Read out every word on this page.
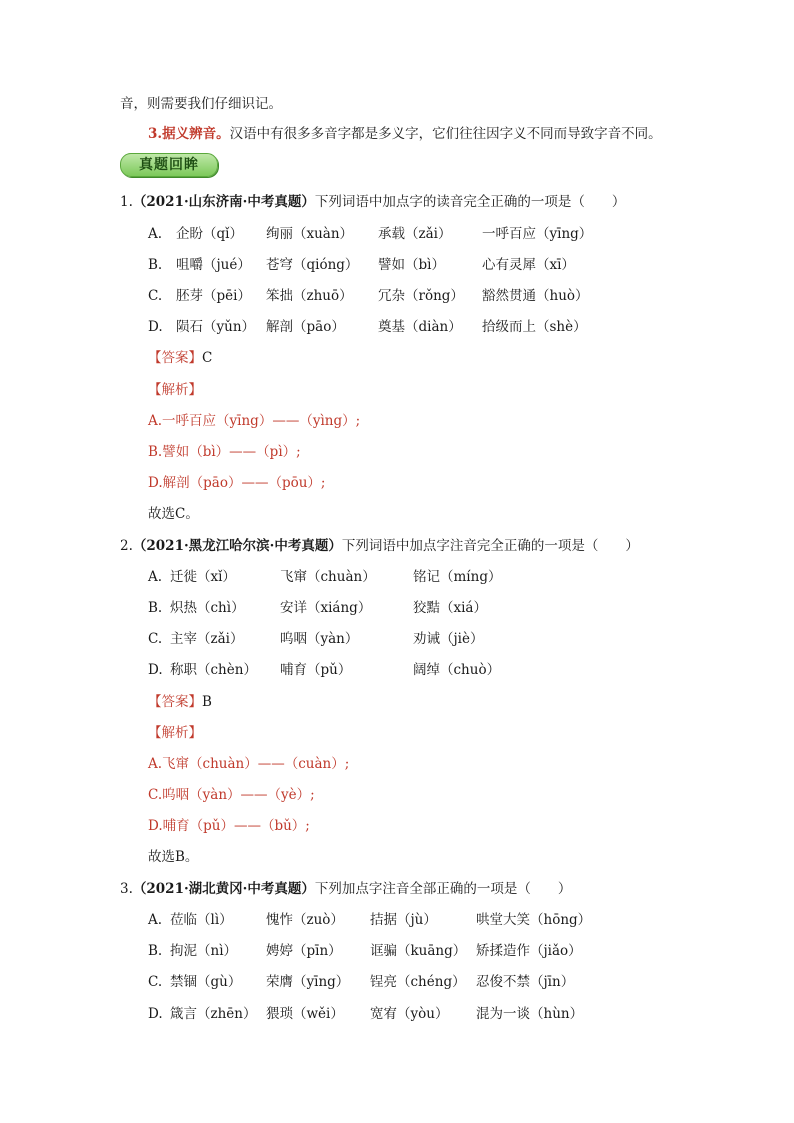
音，则需要我们仔细识记。
3.据义辨音。汉语中有很多多音字都是多义字，它们往往因字义不同而导致字音不同。
真题回眸
1.（2021·山东济南·中考真题）下列词语中加点字的读音完全正确的一项是（　　）
A. 企盼（qǐ） 绚丽（xuàn） 承载（zǎi） 一呼百应（yīng）
B. 咀嚼（jué） 苍穹（qióng） 譬如（bì）	心有灵犀（xī）
C. 胚芽（pēi） 笨拙（zhuō） 冗杂（rǒng） 豁然贯通（huò）
D. 陨石（yǔn） 解剖（pāo） 奠基（diàn） 拾级而上（shè）
【答案】C
【解析】
A.一呼百应（yīng）——（yìng）;
B.譬如（bì）——（pì）;
D.解剖（pāo）——（pōu）;
故选C。
2.（2021·黑龙江哈尔滨·中考真题）下列词语中加点字注音完全正确的一项是（　　）
A. 迁徙（xǐ）	飞窜（chuàn）	铭记（míng）
B. 炽热（chì）	安详（xiáng）	狡黠（xiá）
C. 主宰（zǎi）	呜咽（yàn）	劝诫（jiè）
D. 称职（chèn） 哺育（pǔ）	阔绰（chuò）
【答案】B
【解析】
A.飞窜（chuàn）——（cuàn）;
C.呜咽（yàn）——（yè）;
D.哺育（pǔ）——（bǔ）;
故选B。
3.（2021·湖北黄冈·中考真题）下列加点字注音全部正确的一项是（　　）
A. 莅临（lì） 愧怍（zuò） 拮据（jù）	哄堂大笑（hōng）
B. 拘泥（nì） 娉婷（pīn） 诓骗（kuāng） 矫揉造作（jiǎo）
C. 禁锢（gù） 荣膺（yīng） 锃亮（chéng） 忍俊不禁（jīn）
D. 箴言（zhēn） 猥琐（wěi） 宽宥（yòu） 混为一谈（hùn）
